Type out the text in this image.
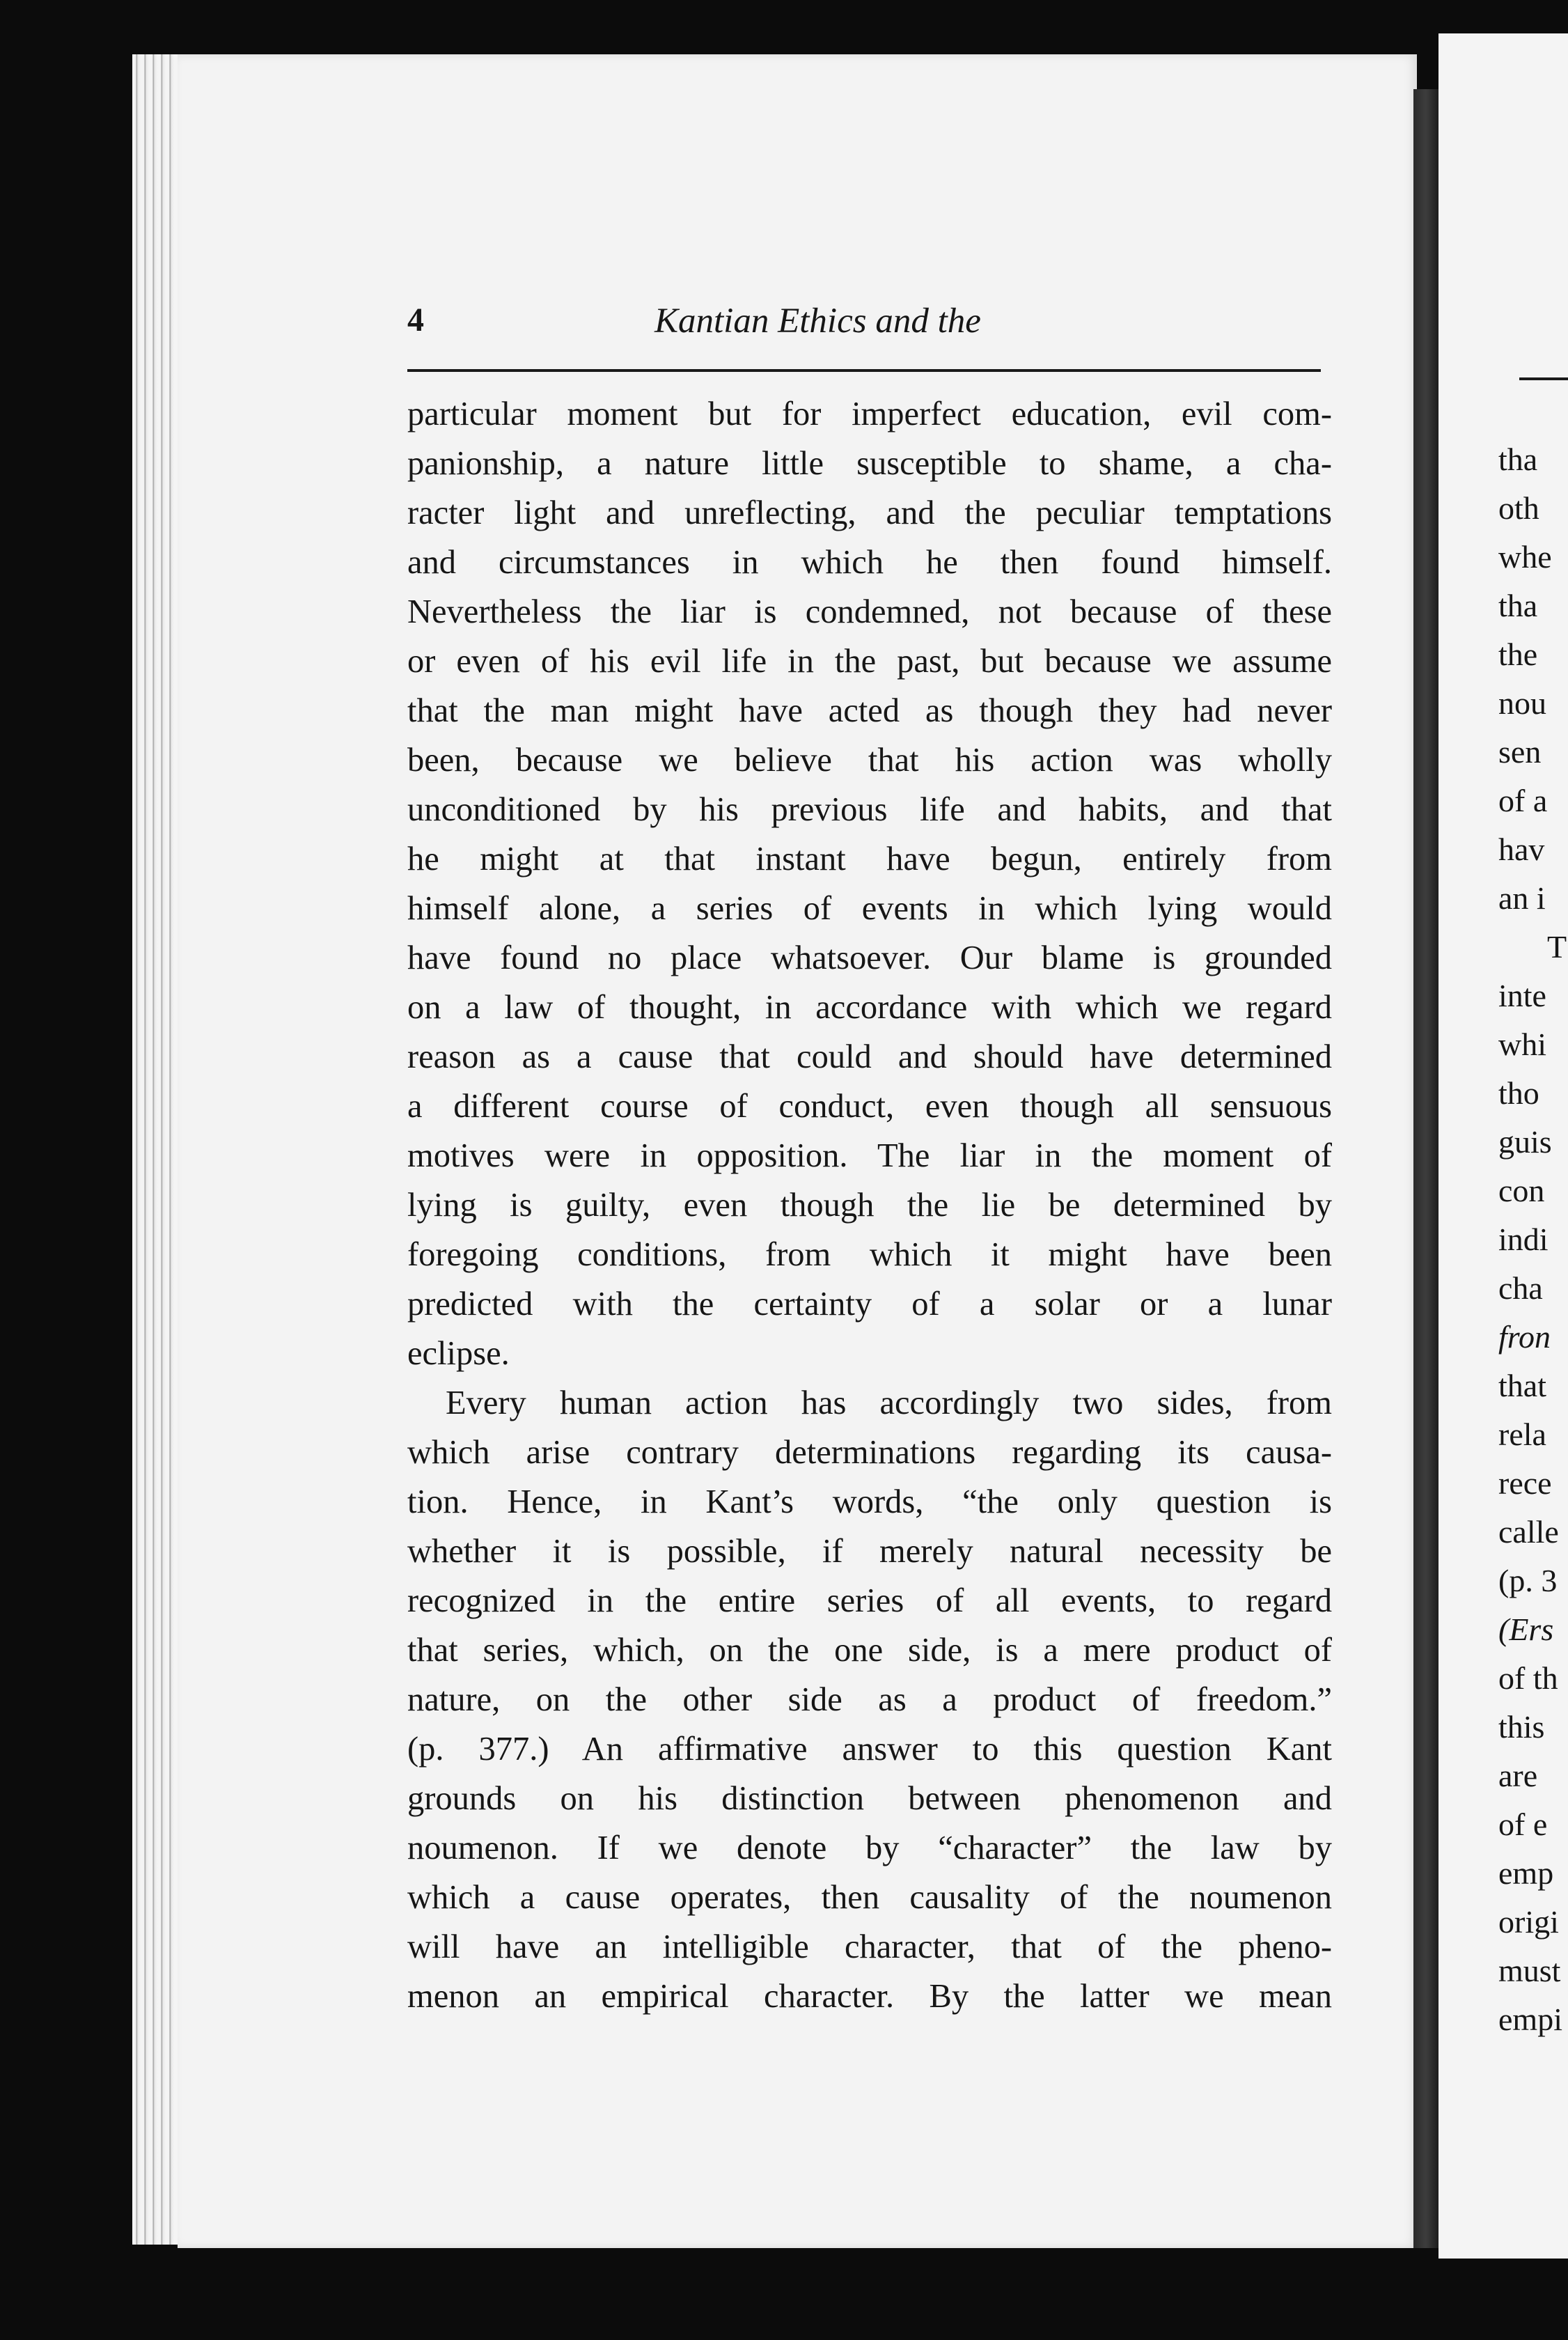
tha
oth
whe
tha
the
nou
sen
of a
hav
an i
T
inte
whi
tho
guis
con
indi
cha
fron
that
rela
rece
calle
(p. 3
(Ers
of th
this
are
of e
emp
origi
must
empi
4	Kantian Ethics and the
particular moment but for imperfect education, evil com-
panionship, a nature little susceptible to shame, a cha-
racter light and unreflecting, and the peculiar temptations
and circumstances in which he then found himself.
Nevertheless the liar is condemned, not because of these
or even of his evil life in the past, but because we assume
that the man might have acted as though they had never
been, because we believe that his action was wholly
unconditioned by his previous life and habits, and that
he might at that instant have begun, entirely from
himself alone, a series of events in which lying would
have found no place whatsoever. Our blame is grounded
on a law of thought, in accordance with which we regard
reason as a cause that could and should have determined
a different course of conduct, even though all sensuous
motives were in opposition. The liar in the moment of
lying is guilty, even though the lie be determined by
foregoing conditions, from which it might have been
predicted with the certainty of a solar or a lunar
eclipse.
Every human action has accordingly two sides, from
which arise contrary determinations regarding its causa-
tion. Hence, in Kant’s words, “the only question is
whether it is possible, if merely natural necessity be
recognized in the entire series of all events, to regard
that series, which, on the one side, is a mere product of
nature, on the other side as a product of freedom.”
(p. 377.) An affirmative answer to this question Kant
grounds on his distinction between phenomenon and
noumenon. If we denote by “character” the law by
which a cause operates, then causality of the noumenon
will have an intelligible character, that of the pheno-
menon an empirical character. By the latter we mean
